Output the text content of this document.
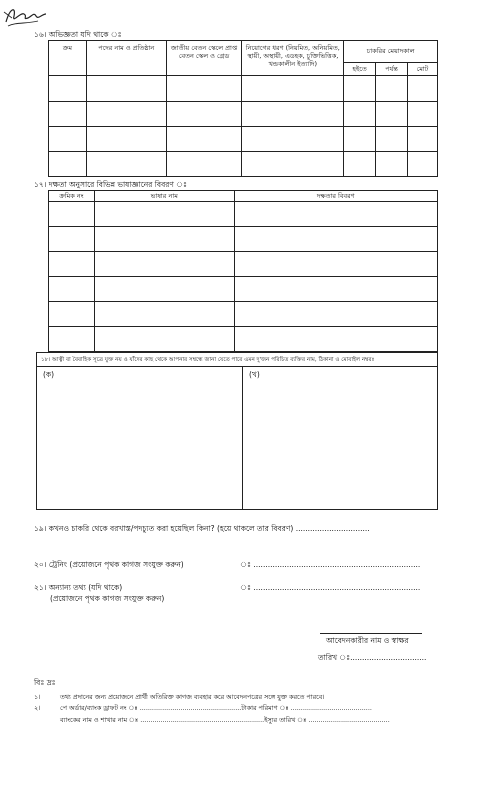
১৬। অভিজ্ঞতা যদি থাকে ঃ
ক্রম	পদের নাম ও প্রতিষ্ঠান	জাতীয় বেতন স্কেলে প্রাপ্ত বেতন স্কেল ও গ্রেড	নিয়োগের ধরণ (নিয়মিত, অনিয়মিত, স্থায়ী, অস্থায়ী, এডহক, চুক্তিভিত্তিক, খন্ডকালীন ইত্যাদি)	চাকরির মেয়াদকাল		
				হইতে	পর্যন্ত	মোট

১৭। দক্ষতা অনুসারে বিভিন্ন ভাষাজ্ঞানের বিবরণ ঃ
ক্রমিক নং	ভাষার নাম	দক্ষতার বিবরণ

১৮। আত্নী বা বৈবাহিক সূত্রে যুক্ত নয় ও যাঁদের কাছ থেকে আপনার সম্বন্ধে জানা যেতে পারে এমন দু'জন পরিচিত ব্যক্তির নাম, ঠিকানা ও মোবাইল নম্বরঃ
(ক)	(খ)
১৯। কখনও চাকরি থেকে বরখাস্ত/পদচ্যুত করা হয়েছিল কিনা? (হয়ে থাকলে তার বিবরণ) ...............................
২০। ট্রেনিং (প্রয়োজনে পৃথক কাগজ সংযুক্ত করুন)	ঃ ......................................................................
২১। অন্যান্য তথ্য (যদি থাকে)	ঃ ......................................................................
(প্রয়োজনে পৃথক কাগজ সংযুক্ত করুন)
আবেদনকারীর নাম ও স্বাক্ষর
তারিখ ঃ................................
বিঃ দ্রঃ
১।	তথ্য প্রদানের জন্য প্রয়োজনে প্রার্থী অতিরিক্ত কাগজ ব্যবহার করে আবেদনপত্রের সঙ্গে যুক্ত করতে পারবে।
২।	পে অর্ডার/ব্যাংক ড্রাফট নং ঃ ..................................................টাকার পরিমাণ ঃ ........................................
ব্যাংকের নাম ও শাখার নাম ঃ .............................................................ইস্যুর তারিখ ঃ ........................................
